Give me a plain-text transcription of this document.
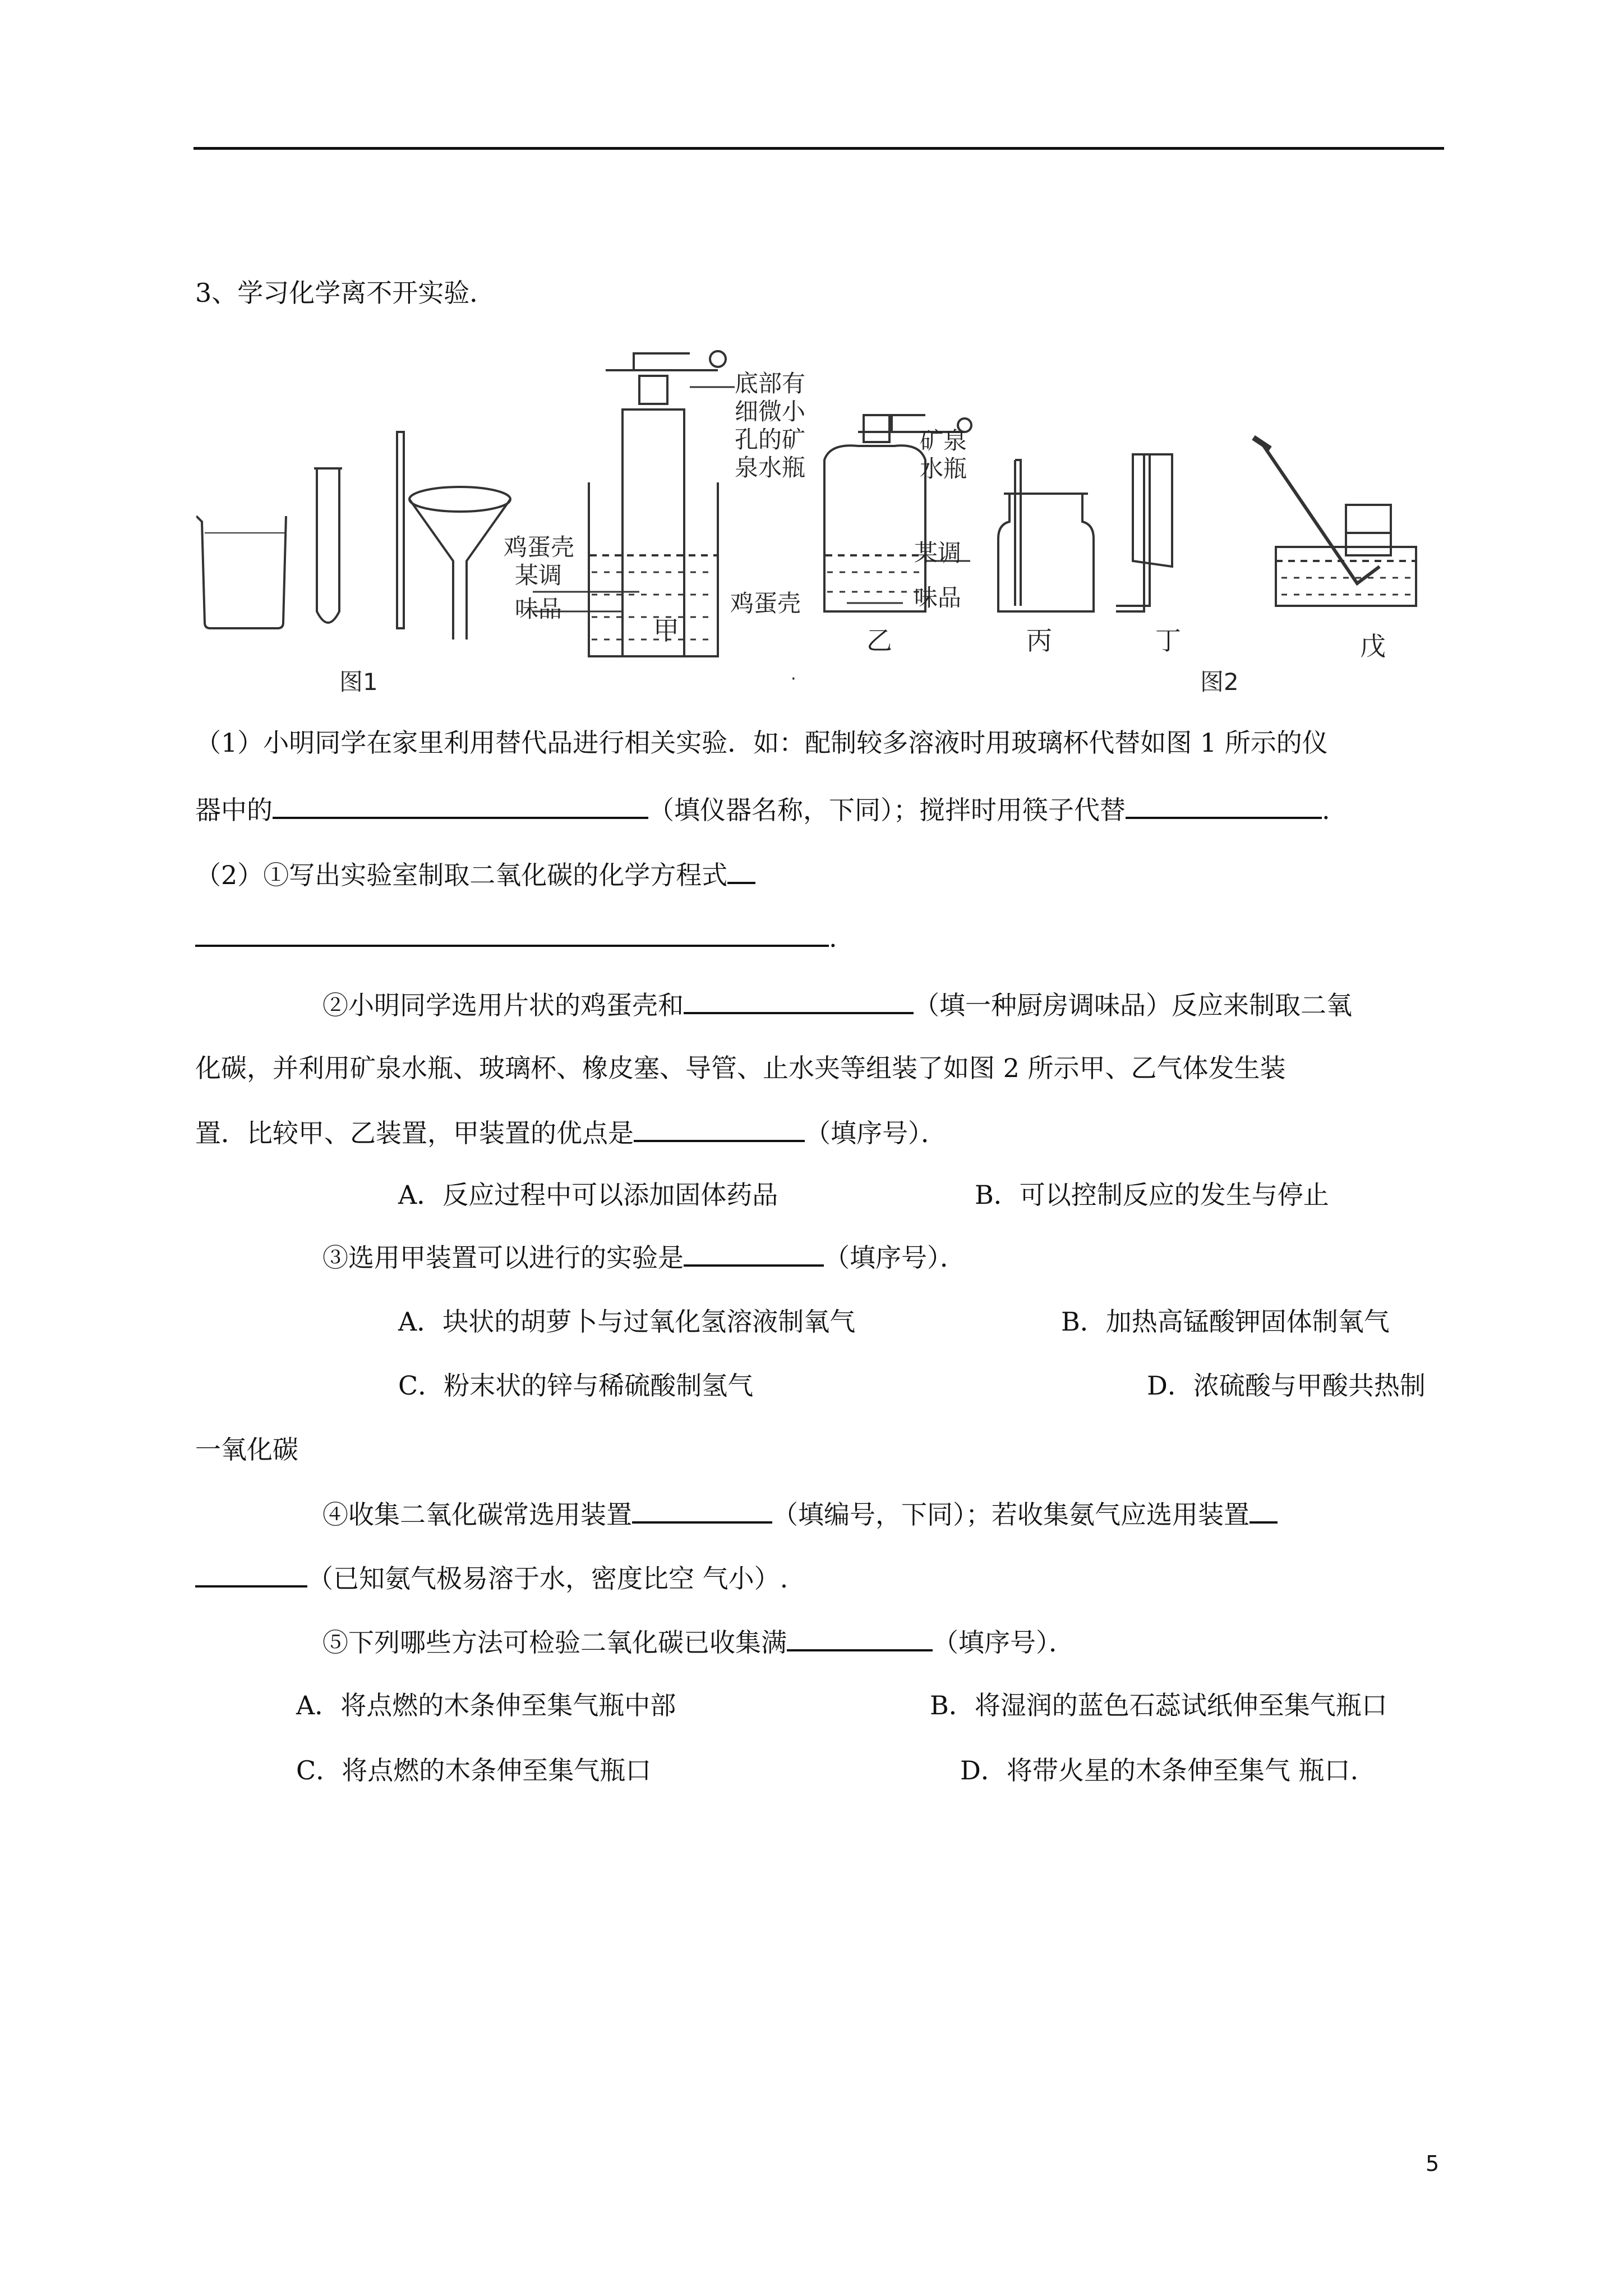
3、学习化学离不开实验．
图1	·
底部有
细微小
孔的矿
泉水瓶
鸡蛋壳
某调
味品
甲
矿泉
水瓶
某调
味品
鸡蛋壳
乙	丙	丁	戊
图2
（1）小明同学在家里利用替代品进行相关实验．如：配制较多溶液时用玻璃杯代替如图 1 所示的仪
器中的	（填仪器名称，下同）；搅拌时用筷子代替	.
（2）①写出实验室制取二氧化碳的化学方程式
.
②小明同学选用片状的鸡蛋壳和	（填一种厨房调味品）反应来制取二氧
化碳，并利用矿泉水瓶、玻璃杯、橡皮塞、导管、止水夹等组装了如图 2 所示甲、乙气体发生装
置．比较甲、乙装置，甲装置的优点是	（填序号）．
A．反应过程中可以添加固体药品	B．可以控制反应的发生与停止
③选用甲装置可以进行的实验是	（填序号）．
A．块状的胡萝卜与过氧化氢溶液制氧气	B．加热高锰酸钾固体制氧气
C．粉末状的锌与稀硫酸制氢气	D．浓硫酸与甲酸共热制
一氧化碳
④收集二氧化碳常选用装置	（填编号，下同）；若收集氨气应选用装置
（已知氨气极易溶于水，密度比空 气小）.
⑤下列哪些方法可检验二氧化碳已收集满	（填序号）．
A．将点燃的木条伸至集气瓶中部	B．将湿润的蓝色石蕊试纸伸至集气瓶口
C．将点燃的木条伸至集气瓶口	D．将带火星的木条伸至集气 瓶口.
5
